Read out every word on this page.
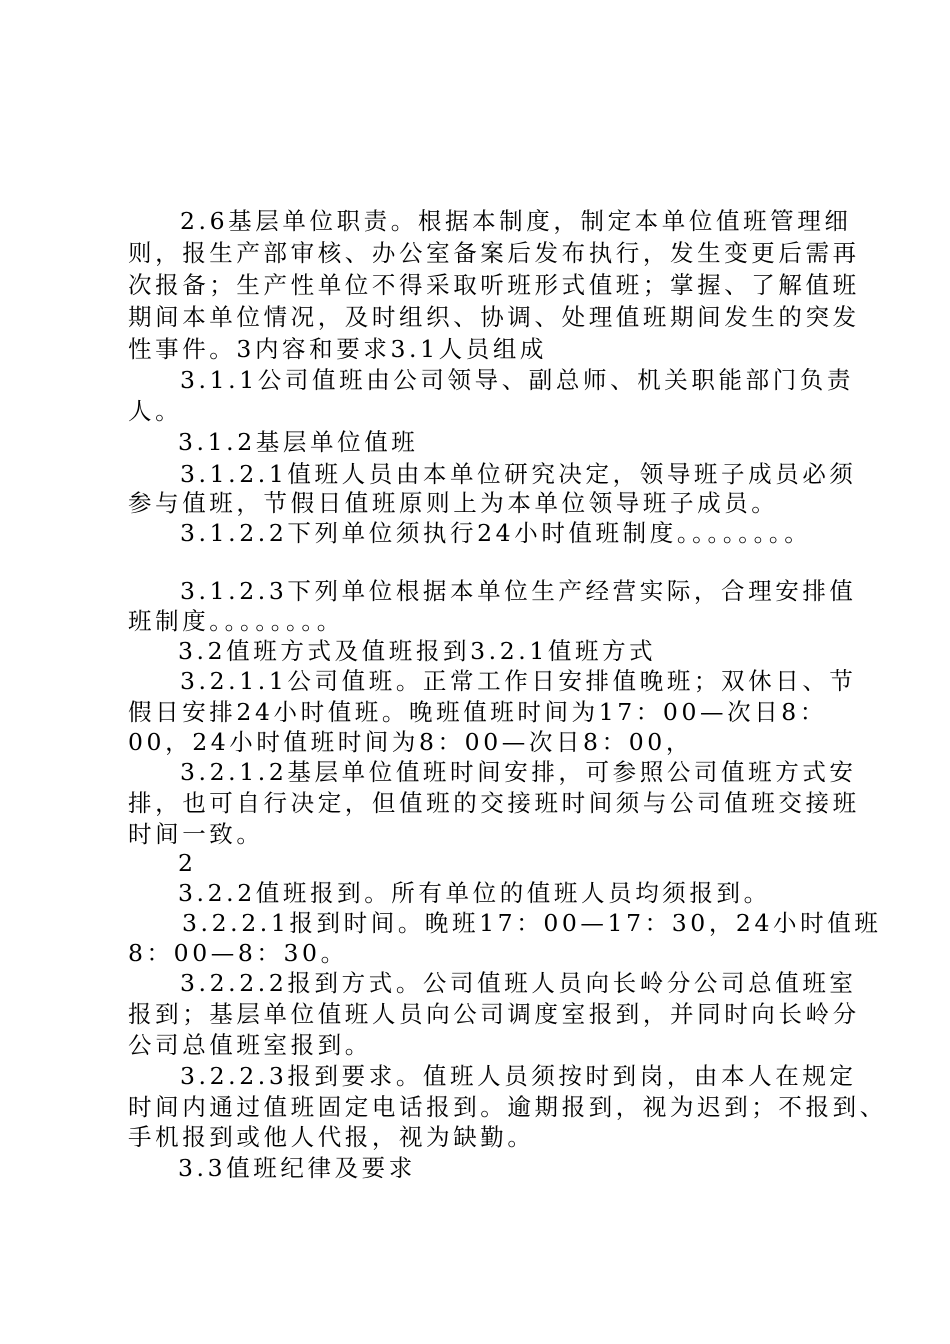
2.6基层单位职责。根据本制度，制定本单位值班管理细
则，报生产部审核、办公室备案后发布执行，发生变更后需再
次报备；生产性单位不得采取听班形式值班；掌握、了解值班
期间本单位情况，及时组织、协调、处理值班期间发生的突发
性事件。3内容和要求3.1人员组成
3.1.1公司值班由公司领导、副总师、机关职能部门负责
人。
3.1.2基层单位值班
3.1.2.1值班人员由本单位研究决定，领导班子成员必须
参与值班，节假日值班原则上为本单位领导班子成员。
3.1.2.2下列单位须执行24小时值班制度。。。。。。。。
3.1.2.3下列单位根据本单位生产经营实际，合理安排值
班制度。。。。。。。。
3.2值班方式及值班报到3.2.1值班方式
3.2.1.1公司值班。正常工作日安排值晚班；双休日、节
假日安排24小时值班。晚班值班时间为17：00—次日8：
00，24小时值班时间为8：00—次日8：00，
3.2.1.2基层单位值班时间安排，可参照公司值班方式安
排，也可自行决定，但值班的交接班时间须与公司值班交接班
时间一致。
2
3.2.2值班报到。所有单位的值班人员均须报到。
3.2.2.1报到时间。晚班17：00—17：30，24小时值班
8：00—8：30。
3.2.2.2报到方式。公司值班人员向长岭分公司总值班室
报到；基层单位值班人员向公司调度室报到，并同时向长岭分
公司总值班室报到。
3.2.2.3报到要求。值班人员须按时到岗，由本人在规定
时间内通过值班固定电话报到。逾期报到，视为迟到；不报到、
手机报到或他人代报，视为缺勤。
3.3值班纪律及要求
